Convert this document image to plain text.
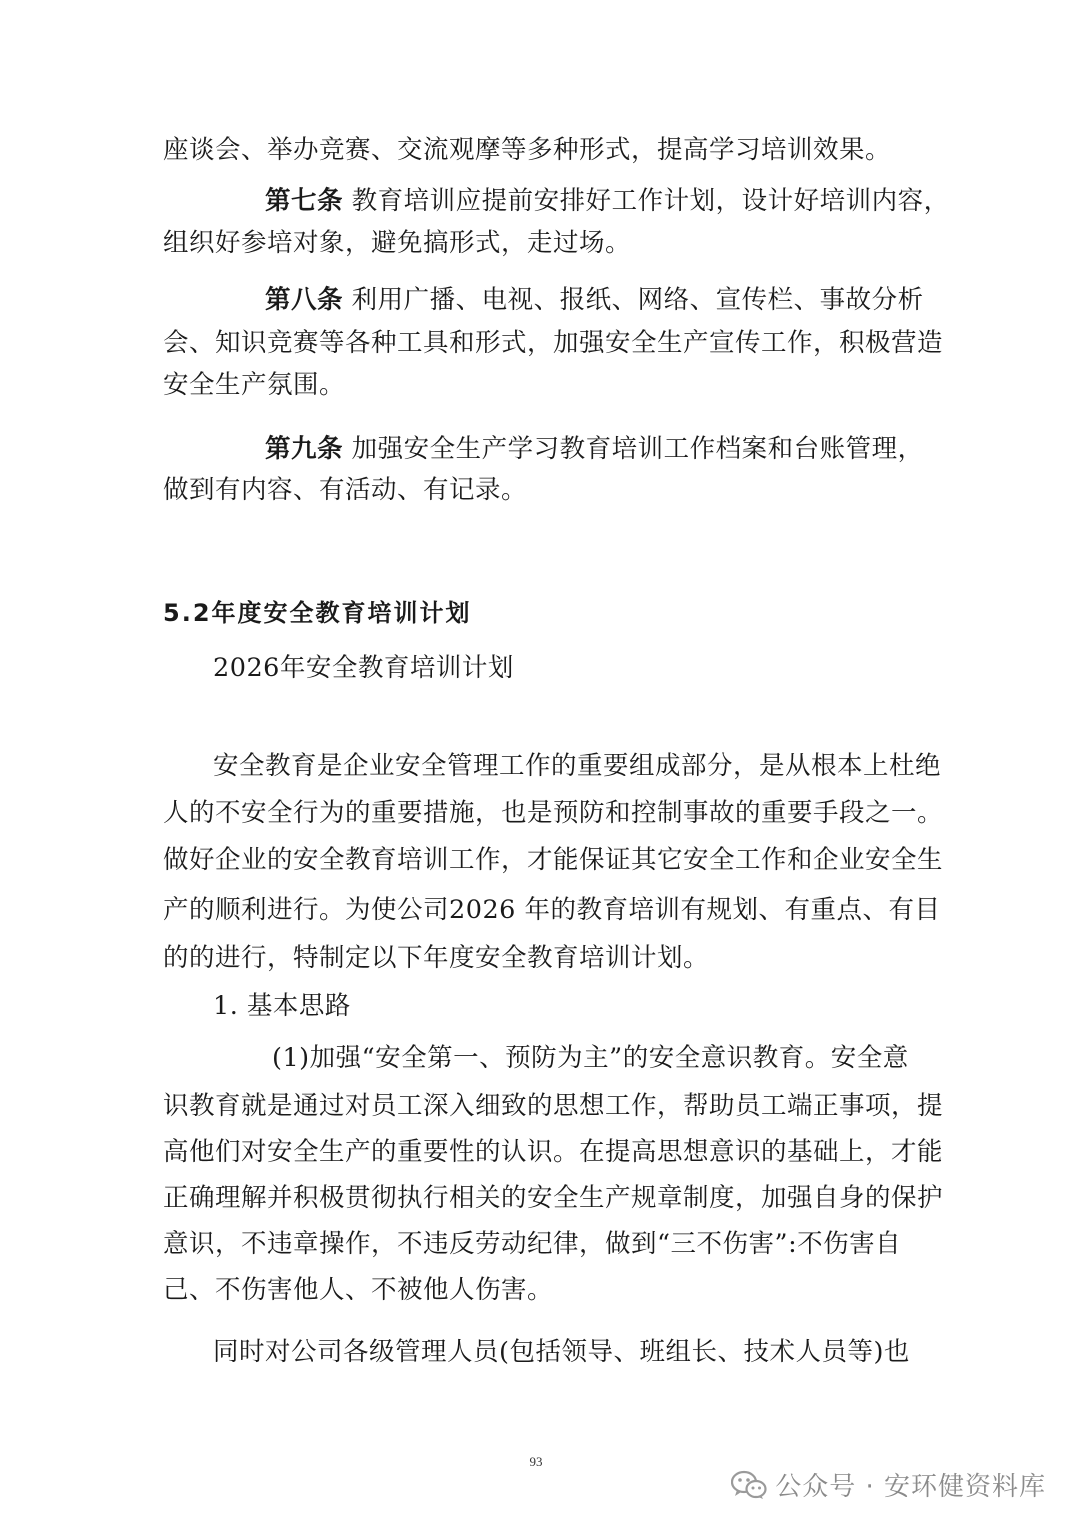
座谈会、举办竞赛、交流观摩等多种形式，提高学习培训效果。

第七条 教育培训应提前安排好工作计划，设计好培训内容，

组织好参培对象，避免搞形式，走过场。

第八条 利用广播、电视、报纸、网络、宣传栏、事故分析

会、知识竞赛等各种工具和形式，加强安全生产宣传工作，积极营造

安全生产氛围。

第九条 加强安全生产学习教育培训工作档案和台账管理，

做到有内容、有活动、有记录。

5.2年度安全教育培训计划

2026年安全教育培训计划

安全教育是企业安全管理工作的重要组成部分，是从根本上杜绝

人的不安全行为的重要措施，也是预防和控制事故的重要手段之一。

做好企业的安全教育培训工作，才能保证其它安全工作和企业安全生

产的顺利进行。为使公司2026 年的教育培训有规划、有重点、有目

的的进行，特制定以下年度安全教育培训计划。

1. 基本思路

(1)加强“安全第一、预防为主”的安全意识教育。安全意

识教育就是通过对员工深入细致的思想工作，帮助员工端正事项，提

高他们对安全生产的重要性的认识。在提高思想意识的基础上，才能

正确理解并积极贯彻执行相关的安全生产规章制度，加强自身的保护

意识，不违章操作，不违反劳动纪律，做到“三不伤害”:不伤害自

己、不伤害他人、不被他人伤害。

同时对公司各级管理人员(包括领导、班组长、技术人员等)也

93
公众号 · 安环健资料库
